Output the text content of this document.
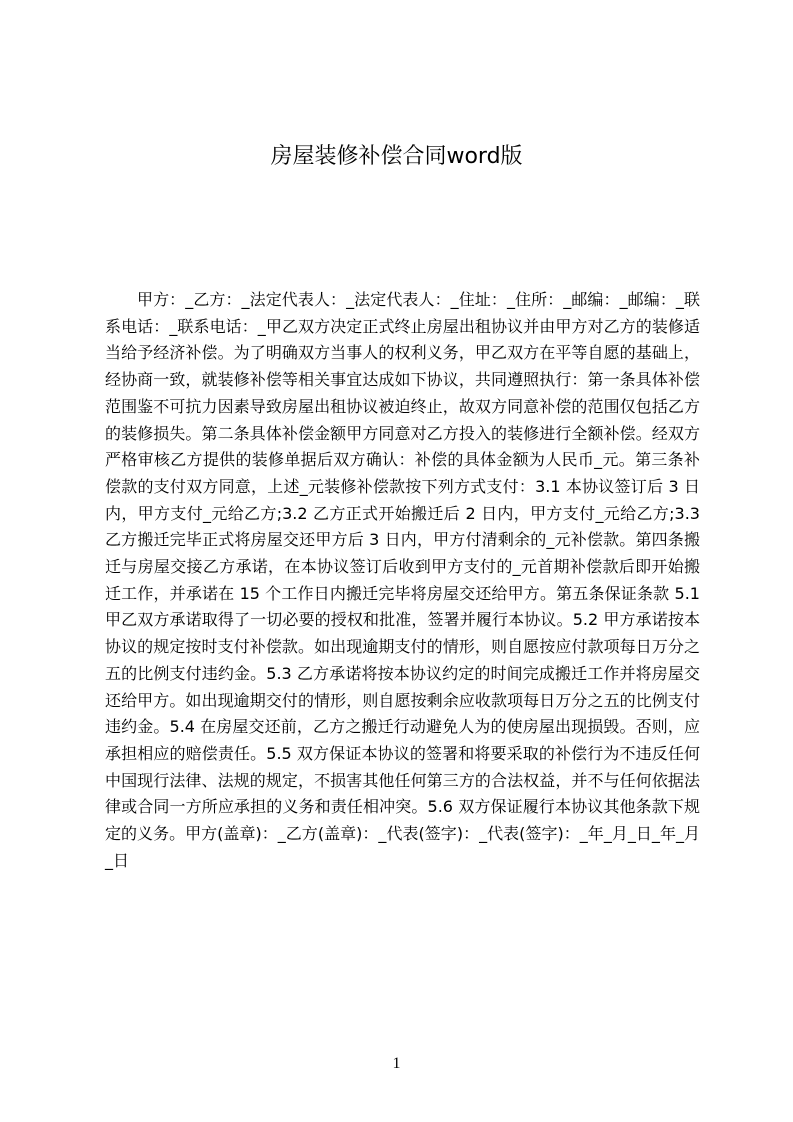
房屋装修补偿合同word版

甲方：_乙方：_法定代表人：_法定代表人：_住址：_住所：_邮编：_邮编：_联系电话：_联系电话：_甲乙双方决定正式终止房屋出租协议并由甲方对乙方的装修适当给予经济补偿。为了明确双方当事人的权利义务，甲乙双方在平等自愿的基础上，经协商一致，就装修补偿等相关事宜达成如下协议，共同遵照执行：第一条具体补偿范围鉴不可抗力因素导致房屋出租协议被迫终止，故双方同意补偿的范围仅包括乙方的装修损失。第二条具体补偿金额甲方同意对乙方投入的装修进行全额补偿。经双方严格审核乙方提供的装修单据后双方确认：补偿的具体金额为人民币_元。第三条补偿款的支付双方同意，上述_元装修补偿款按下列方式支付：3.1 本协议签订后 3 日内，甲方支付_元给乙方;3.2 乙方正式开始搬迁后 2 日内，甲方支付_元给乙方;3.3 乙方搬迁完毕正式将房屋交还甲方后 3 日内，甲方付清剩余的_元补偿款。第四条搬迁与房屋交接乙方承诺，在本协议签订后收到甲方支付的_元首期补偿款后即开始搬迁工作，并承诺在 15 个工作日内搬迁完毕将房屋交还给甲方。第五条保证条款 5.1 甲乙双方承诺取得了一切必要的授权和批准，签署并履行本协议。5.2 甲方承诺按本协议的规定按时支付补偿款。如出现逾期支付的情形，则自愿按应付款项每日万分之五的比例支付违约金。5.3 乙方承诺将按本协议约定的时间完成搬迁工作并将房屋交还给甲方。如出现逾期交付的情形，则自愿按剩余应收款项每日万分之五的比例支付违约金。5.4 在房屋交还前，乙方之搬迁行动避免人为的使房屋出现损毁。否则，应承担相应的赔偿责任。5.5 双方保证本协议的签署和将要采取的补偿行为不违反任何中国现行法律、法规的规定，不损害其他任何第三方的合法权益，并不与任何依据法律或合同一方所应承担的义务和责任相冲突。5.6 双方保证履行本协议其他条款下规定的义务。甲方(盖章)：_乙方(盖章)：_代表(签字)：_代表(签字)：_年_月_日_年_月_日

1
